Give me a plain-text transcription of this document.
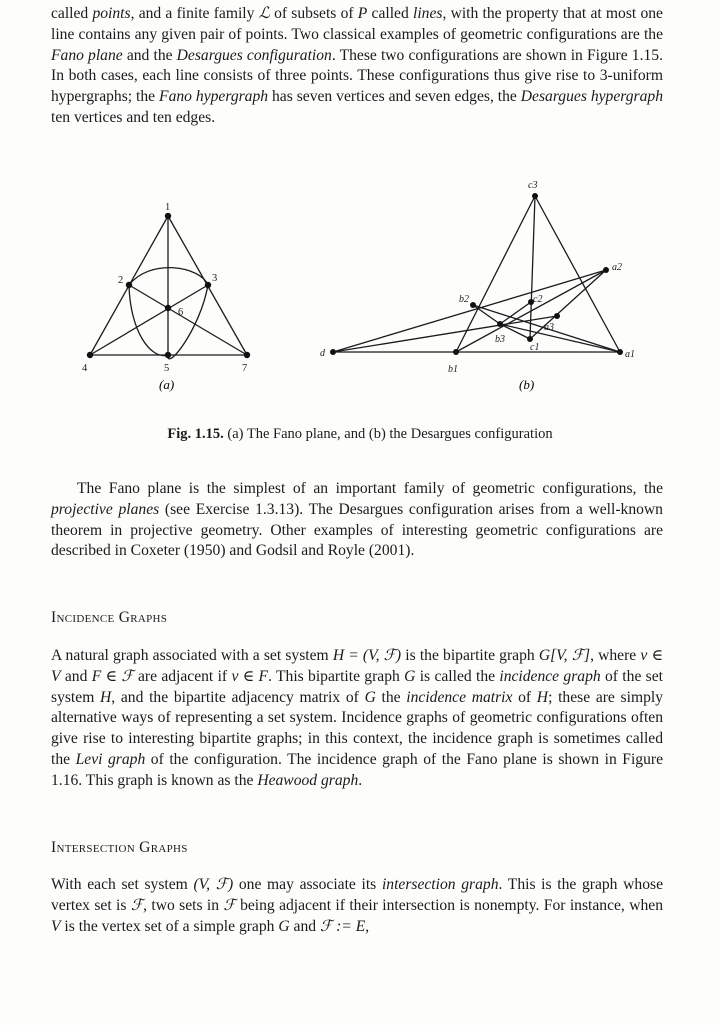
called points, and a finite family ℒ of subsets of P called lines, with the property that at most one line contains any given pair of points. Two classical examples of geometric configurations are the Fano plane and the Desargues configuration. These two configurations are shown in Figure 1.15. In both cases, each line consists of three points. These configurations thus give rise to 3-uniform hypergraphs; the Fano hypergraph has seven vertices and seven edges, the Desargues hypergraph ten vertices and ten edges.
1
2	3
4	5
6
7
(a)
c3
a2
b2	c2
a3
b3
c1
d
b1
a1
(b)
Fig. 1.15. (a) The Fano plane, and (b) the Desargues configuration
The Fano plane is the simplest of an important family of geometric configurations, the projective planes (see Exercise 1.3.13). The Desargues configuration arises from a well-known theorem in projective geometry. Other examples of interesting geometric configurations are described in Coxeter (1950) and Godsil and Royle (2001).
Incidence Graphs
A natural graph associated with a set system H = (V, ℱ) is the bipartite graph G[V, ℱ], where v ∈ V and F ∈ ℱ are adjacent if v ∈ F. This bipartite graph G is called the incidence graph of the set system H, and the bipartite adjacency matrix of G the incidence matrix of H; these are simply alternative ways of representing a set system. Incidence graphs of geometric configurations often give rise to interesting bipartite graphs; in this context, the incidence graph is sometimes called the Levi graph of the configuration. The incidence graph of the Fano plane is shown in Figure 1.16. This graph is known as the Heawood graph.
Intersection Graphs
With each set system (V, ℱ) one may associate its intersection graph. This is the graph whose vertex set is ℱ, two sets in ℱ being adjacent if their intersection is nonempty. For instance, when V is the vertex set of a simple graph G and ℱ := E,
